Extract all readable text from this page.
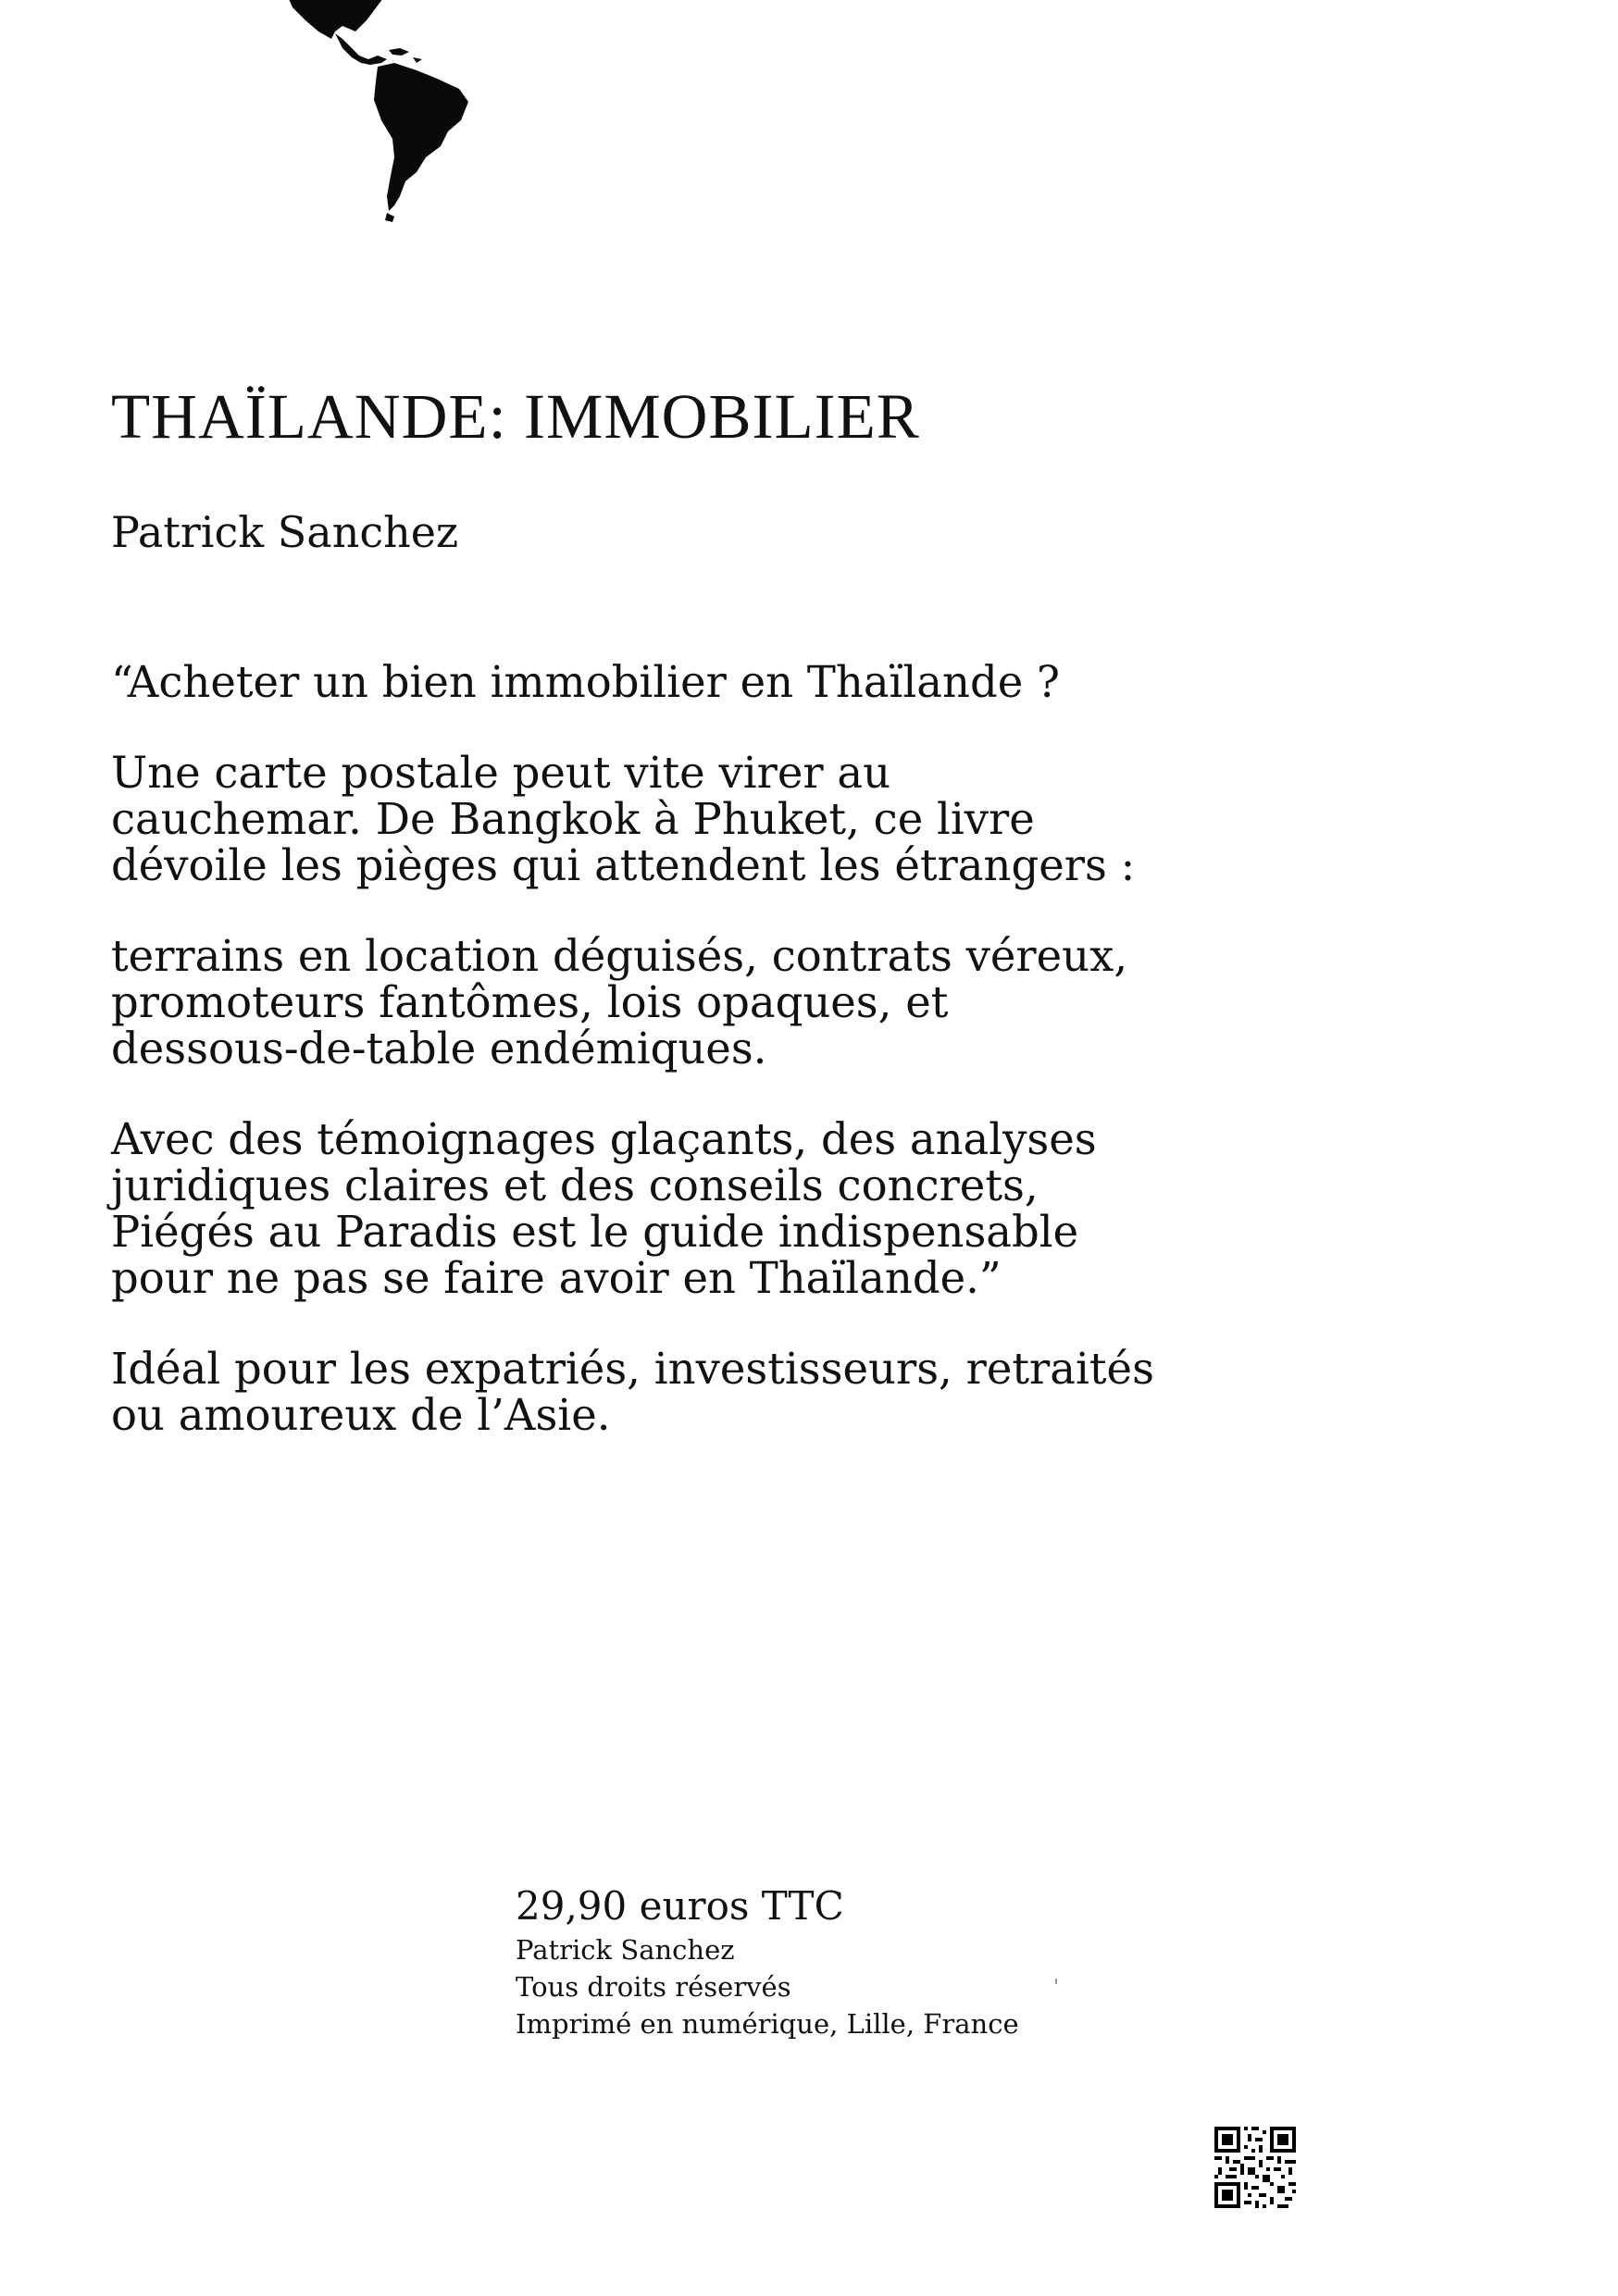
THAÏLANDE: IMMOBILIER

Patrick Sanchez

“Acheter un bien immobilier en Thaïlande ?

Une carte postale peut vite virer au
cauchemar. De Bangkok à Phuket, ce livre
dévoile les pièges qui attendent les étrangers :

terrains en location déguisés, contrats véreux,
promoteurs fantômes, lois opaques, et
dessous-de-table endémiques.

Avec des témoignages glaçants, des analyses
juridiques claires et des conseils concrets,
Piégés au Paradis est le guide indispensable
pour ne pas se faire avoir en Thaïlande.”

Idéal pour les expatriés, investisseurs, retraités
ou amoureux de l’Asie.

29,90 euros TTC
Patrick Sanchez
Tous droits réservés
Imprimé en numérique, Lille, France
